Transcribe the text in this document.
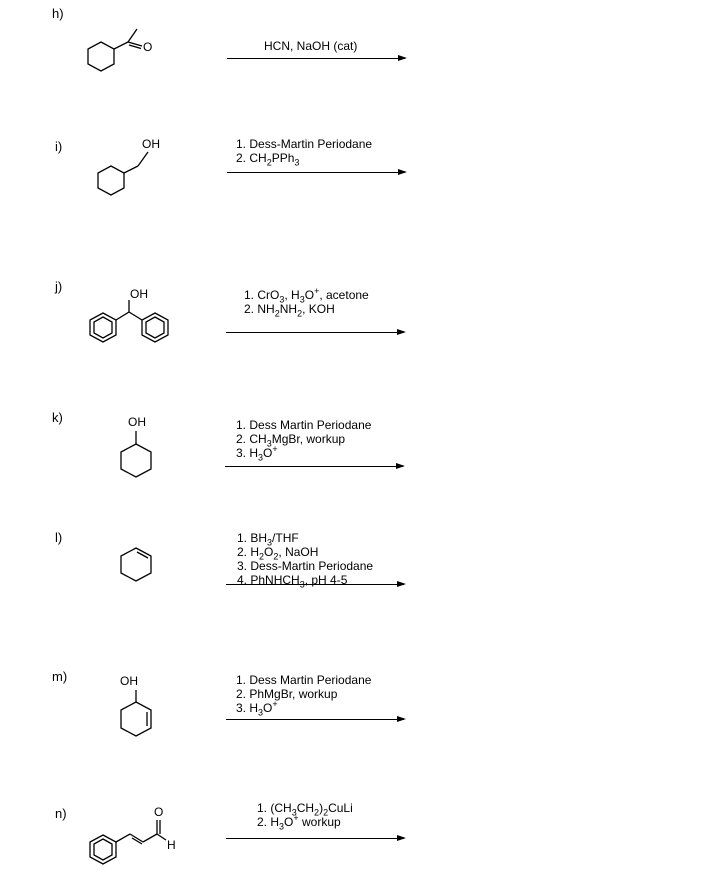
h)
O	HCN, NaOH (cat)
i)	OH	1. Dess-Martin Periodane
2. $CH_2PPh_3$
j)	OH	1. CrO$_3$, $H_3O^+$, acetone
2. $NH_2NH_2$, KOH
k)	OH	1. Dess Martin Periodane
2. $CH_3MgBr$, workup
3. $H_3O^+$
l)	1. $BH_3$/THF
2. $H_2O_2$, NaOH
3. Dess-Martin Periodane
4. PhNHCH$_3$, pH 4-5
m)	OH	1. Dess Martin Periodane
2. PhMgBr, workup
3. $H_3O^+$
n)	O
H
1. $(CH_3CH_2)_2CuLi$
2. $H_3O^+$ workup
